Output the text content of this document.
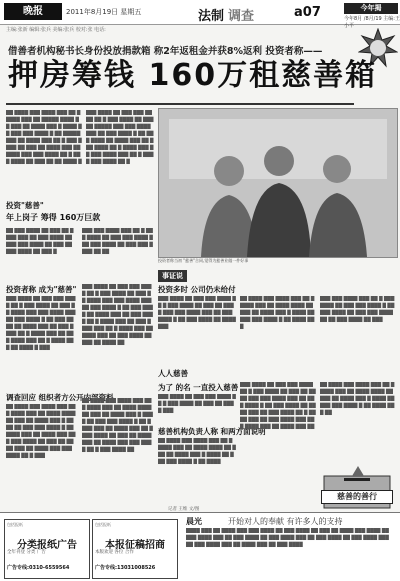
晚报	2011年8月19日 星期五	法制 调查	a07	今年揭
今年8月 /8月/19 主编:王小平
主编:张新 编辑:张兵 美编:张兵 校对:张 电话:
借善者机构秘书长身份投放捐款箱 称2年返租金并获8%返利 投资者称——
押房筹钱 160万租慈善箱
██ ████ ███ ████ ███ ██ █ ████ ███ ██ █████ ████ ██ ███ ██ ████ ███ █ ████ ██ ███ ███ ████ █ ██ █████ ███ ██ ████ ███ ██ █ ███ ████ ██ ███ ██ ████ ███ ██ ████ ███ ███ ████ ██ █ ███ ████ ██ ███ ██ ██ ████ █
███ ████ ██ ███ ███ ████ ██ █ ███ ████ ██ ███ ██ █████ ███ ███ ████ ███ ██ ███ ████ █ ██ ███ ████ ██ ████ ███ ██ ███ ████ ██ █ ████ ███ ██ ███ ████ ███ ██ █ ████ ███ ████ ██ █
投资者称当初 "慈善"合同,觉得为慈善业做一件好事
投资"慈善"
年上岗子 筹得 160万巨款
██ ███ ████ ██ ███ ██ ████ ███ ██ ███ ████ ██ ███ ███ ████ ██ ███ ██ ███ ████ ██ ███ █
███ ███ ████ ███ ██ █ ███ ████ ██ ███ ███ ████ █ ██ ███ ████ ██ ███ ███ ████ ██ ██
投资者称 成为"慈善"
███ ████ ██ ███ ███ ████ ██ █ ███ ████ ██ ███ ██ ████ ███ ███ ████ ███ ██ ███ ████ █ ██ ███ ████ ██ ████ ███ ██ ███ ████ ██ █ ████ ███ ██ ███ ████ ███ ██ █ ████ ███ ██ ████ █ ███
调查回应 组织者方公开内部资料
██ ████ ███ ████ ███ ██ █ ████ ███ ██ ████ ████ ██ ███ ██ ████ ███ █ ████ ██ ███ ███ ████ █ ██ ████ ███ ██ ████ ███ ██ █ ███ ████ ██ ███ ██ ████ ███ ██ ████ ███ ███ ████ ██ █ ███
███ ████ ██ ███ ███ ████ ██ █ ███ ████ ██ ███ ██ ████ ███ ███ ████ ███ ██ ███ ████ █ ██ ███ ████ ██ ████ ███ ██ ███ ████ ██ █ ████ ███ ██ ███ ████ ███ ██ █ ████ ███ ██ ████ ███ ██ ███ ████ ██ ███ ██ ████ ██
██ ████ ███ ████ ███ ██ █ ████ ███ ██ ████ ████ ██ ███ ██ ████ ███ █ ████ ██ ███ ███ ████ █ ██ ████ ███ ██ ████ ███ ██ █ ███ ████ ██ ███ ██ ████ ███ ██ ████ ███ ███ ████ ██ █ ███ ████ ██
事证说
投资多时 公司仍未给付
███ ████ ██ ███ ███ ████ ██ █ ███ ████ ██ ███ ██ ████ ███ ███ ████ ███ ██ ███ ████ █ ██ ███ ████ ██ ████ ███
██ ████ ███ ████ ███ ██ █ ████ ███ ██ ████ ████ ██ ███ ██ ████ ███ █ ████ ██ ███ ███ ████ █ ██ ████ ███
███ ███ ████ ███ ██ █ ███ ████ ██ ███ ███ ████ █ ██ ███ ████ ██ ███ ███ ████ ██ ██ ███ ████ ██ ███
人人慈善
为了 的名 一直投入慈善
███ ████ ██ ███ ███ ████ ██ █ ███ ████ ██ ███ ██ ████ ███
慈善机构负责人称 和两方面说明
██ ████ ███ ████ ███ ██ █ ████ ███ ██ ████ ████ ██ ███ ██ ████ ███ █ ████ ██ ███ ███ ████ █ ██ ████
███ ████ ██ ███ ███ ████ ██ █ ███ ████ ██ ███ ██ ████ ███ ███ ████ ███ ██ ███ ████ █ ██ ███ ████ ██ ████ ███ ██ ███ ████ ██ █ ████ ███ ██ ███ ████ ███ ██ █ ████ ███ ██ ████ ███ ██
██ ████ ███ ████ ███ ██ █ ████ ███ ██ ████ ████ ██ ███ ██ ████ ███ █ ████ ██ ███ ███ ████ █ ██ ████ ███ ██
慈善的善行
记者 王维 文/图
包括报纸
分类报纸广告
全年刊登 分类 广告
广告专线:0310-6559564
包括报纸
本报征稿招商
本版欢迎 各位 合作
广告专线:13031008526
晨光	开始对人的奉献 有许多人的支持
████ ███ ██ ████ ███ ███ ████ ██ ███ ████ ██ ███ ██ ████ ███ ████ ██ ███ ████ ███ ██ ███ ████ ██ ███ ████ ███ ██ ███ ████ ██ ███ ████ ███ ██ ███ ████ ███ ██ ████ ███ ██ ███ ████
